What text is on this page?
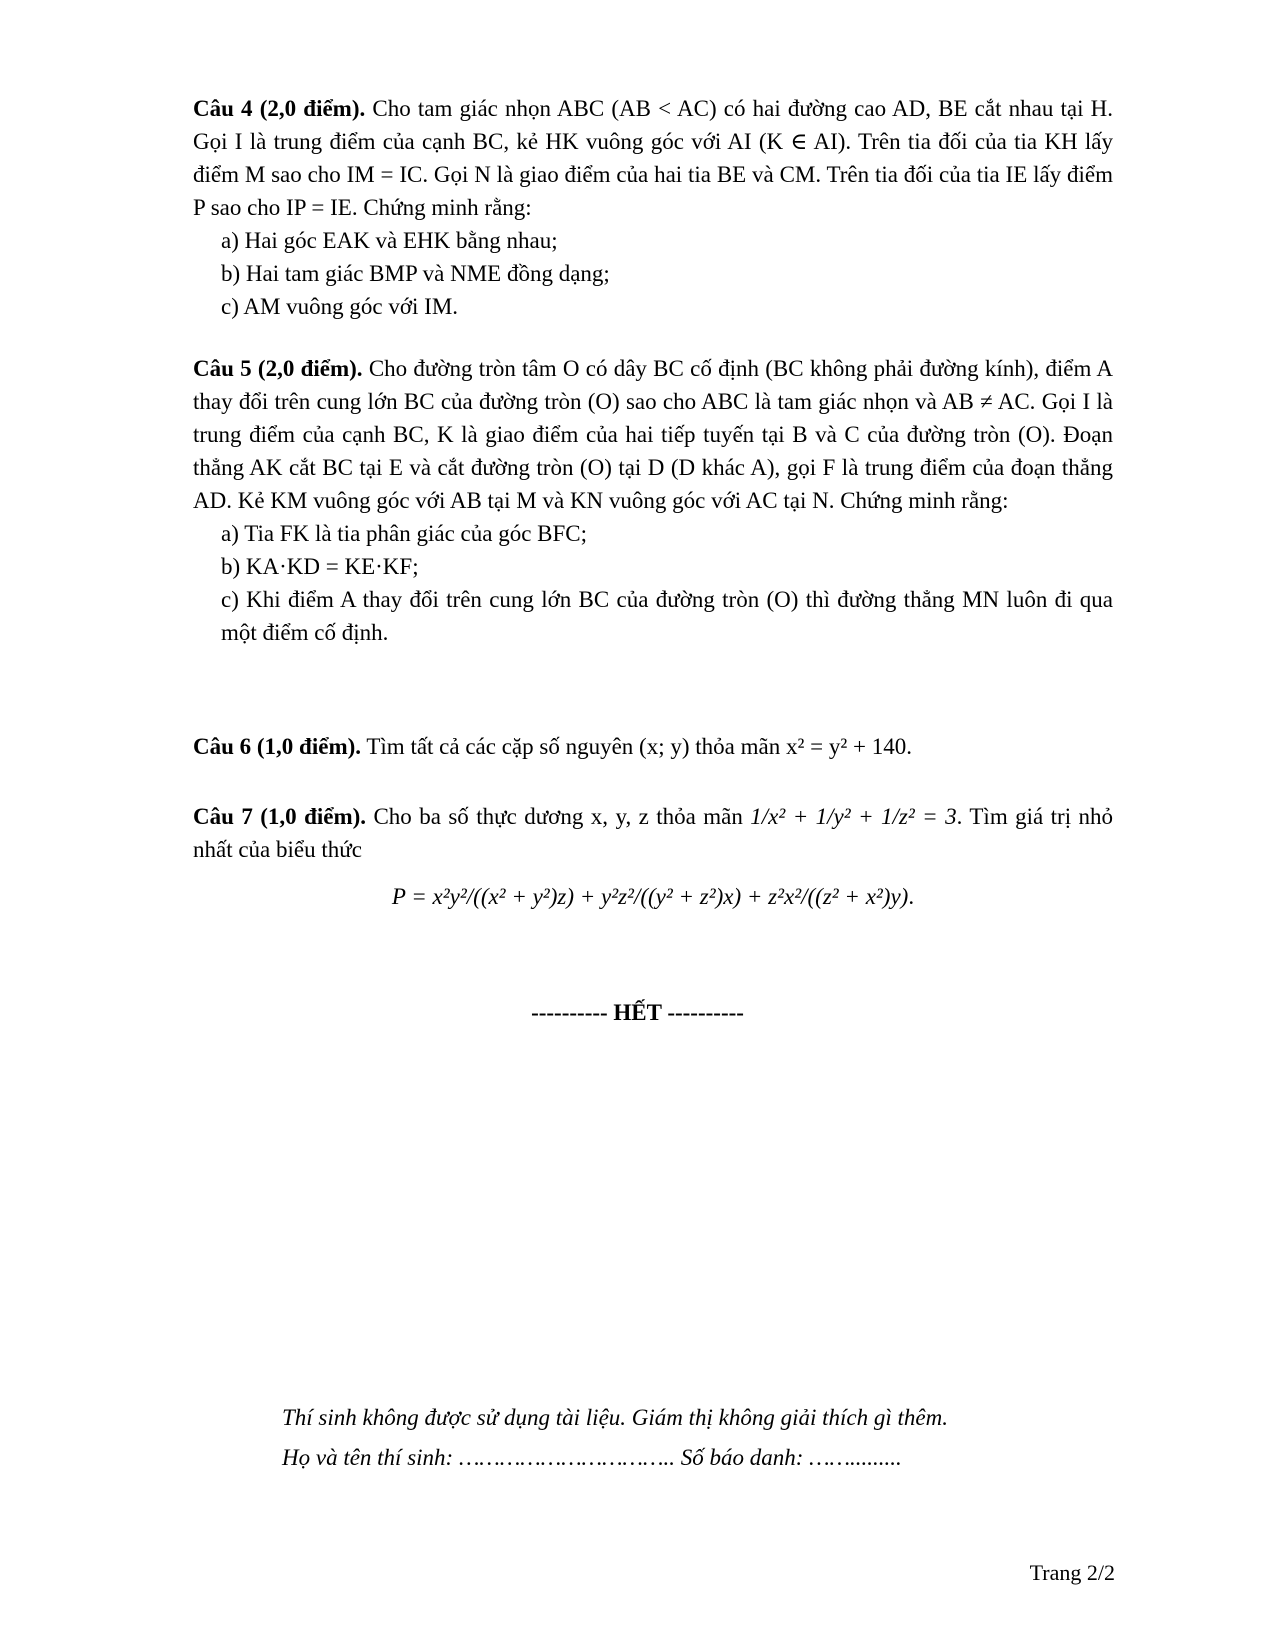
Câu 4 (2,0 điểm). Cho tam giác nhọn ABC (AB < AC) có hai đường cao AD, BE cắt nhau tại H. Gọi I là trung điểm của cạnh BC, kẻ HK vuông góc với AI (K ∈ AI). Trên tia đối của tia KH lấy điểm M sao cho IM = IC. Gọi N là giao điểm của hai tia BE và CM. Trên tia đối của tia IE lấy điểm P sao cho IP = IE. Chứng minh rằng:

a) Hai góc EAK và EHK bằng nhau;

b) Hai tam giác BMP và NME đồng dạng;

c) AM vuông góc với IM.

Câu 5 (2,0 điểm). Cho đường tròn tâm O có dây BC cố định (BC không phải đường kính), điểm A thay đổi trên cung lớn BC của đường tròn (O) sao cho ABC là tam giác nhọn và AB ≠ AC. Gọi I là trung điểm của cạnh BC, K là giao điểm của hai tiếp tuyến tại B và C của đường tròn (O). Đoạn thẳng AK cắt BC tại E và cắt đường tròn (O) tại D (D khác A), gọi F là trung điểm của đoạn thẳng AD. Kẻ KM vuông góc với AB tại M và KN vuông góc với AC tại N. Chứng minh rằng:

a) Tia FK là tia phân giác của góc BFC;

b) KA·KD = KE·KF;

c) Khi điểm A thay đổi trên cung lớn BC của đường tròn (O) thì đường thẳng MN luôn đi qua một điểm cố định.

Câu 6 (1,0 điểm). Tìm tất cả các cặp số nguyên (x; y) thỏa mãn x² = y² + 140.

Câu 7 (1,0 điểm). Cho ba số thực dương x, y, z thỏa mãn 1/x² + 1/y² + 1/z² = 3. Tìm giá trị nhỏ nhất của biểu thức

P = x²y²/((x² + y²)z) + y²z²/((y² + z²)x) + z²x²/((z² + x²)y).

---------- HẾT ----------
Thí sinh không được sử dụng tài liệu. Giám thị không giải thích gì thêm.
Họ và tên thí sinh: ………………………….. Số báo danh: …….........
Trang 2/2
